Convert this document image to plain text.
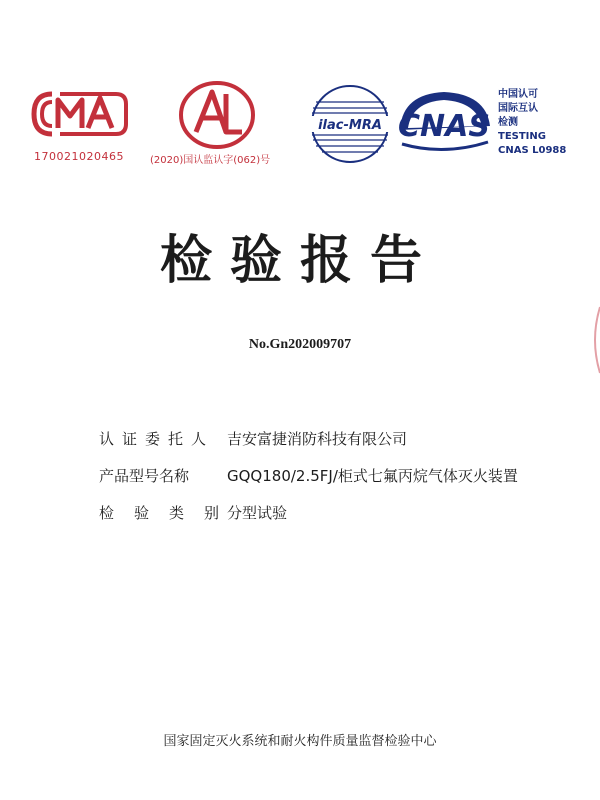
170021020465	(2020)国认监认字(062)号
ilac-MRA CNAS
中国认可
国际互认
检测
TESTING
CNAS L0988
检验报告
No.Gn202009707
认证委托人 吉安富捷消防科技有限公司
产品型号名称	GQQ180/2.5FJ/柜式七氟丙烷气体灭火装置
检验类别
分型试验
国家固定灭火系统和耐火构件质量监督检验中心
